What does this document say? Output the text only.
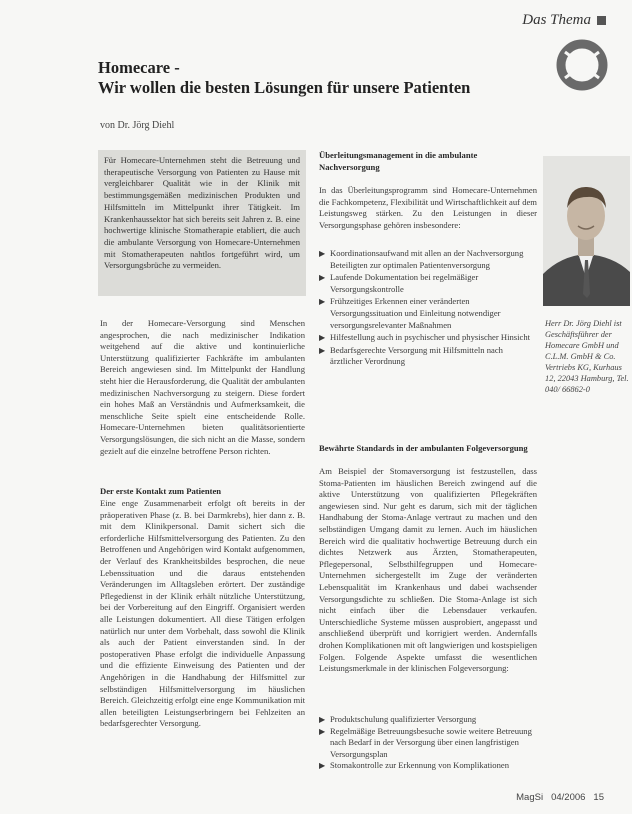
Das Thema
Homecare -
Wir wollen die besten Lösungen für unsere Patienten
von Dr. Jörg Diehl
Für Homecare-Unternehmen steht die Betreuung und therapeutische Versorgung von Patienten zu Hause mit vergleichbarer Qualität wie in der Klinik mit bestimmungsgemäßen medizinischen Produkten und Hilfsmitteln im Mittelpunkt ihrer Tätigkeit. Im Krankenhaussektor hat sich bereits seit Jahren z. B. eine hochwertige klinische Stomatherapie etabliert, die auch die ambulante Versorgung von Homecare-Unternehmen mit Stomatherapeuten nahtlos fortgeführt wird, um Versorgungsbrüche zu vermeiden.
In der Homecare-Versorgung sind Menschen angesprochen, die nach medizinischer Indikation weitgehend auf die aktive und kontinuierliche Unterstützung qualifizierter Fachkräfte im ambulanten Bereich angewiesen sind. Im Mittelpunkt der Handlung steht hier die Herausforderung, die Qualität der ambulanten medizinischen Nachversorgung zu steigern. Diese fordert ein hohes Maß an Verständnis und Aufmerksamkeit, die menschliche Seite spielt eine entscheidende Rolle. Homecare-Unternehmen bieten qualitätsorientierte Versorgungslösungen, die sich nicht an die Masse, sondern gezielt auf die einzelne betroffene Person richten.
Der erste Kontakt zum Patienten
Eine enge Zusammenarbeit erfolgt oft bereits in der präoperativen Phase (z. B. bei Darmkrebs), hier dann z. B. mit dem Klinikpersonal. Damit sichert sich die erforderliche Hilfsmittelversorgung des Patienten. Zu den Betroffenen und Angehörigen wird Kontakt aufgenommen, der Verlauf des Krankheitsbildes besprochen, die neue Lebenssituation und die daraus entstehenden Veränderungen im Alltagsleben erörtert. Der zuständige Pflegedienst in der Klinik erhält nützliche Unterstützung, bei der Vorbereitung auf den Eingriff. Organisiert werden alle Leistungen dokumentiert. All diese Tätigen erfolgen natürlich nur unter dem Vorbehalt, dass sowohl die Klinik als auch der Patient einverstanden sind. In der postoperativen Phase erfolgt die individuelle Anpassung und die effiziente Einweisung des Patienten und der Angehörigen in die Handhabung der Hilfsmittel zur selbständigen Hilfsmittelversorgung im häuslichen Bereich. Gleichzeitig erfolgt eine enge Kommunikation mit allen beteiligten Leistungserbringern bei Fehlzeiten an bedarfsgerechter Versorgung.
Überleitungsmanagement in die ambulante Nachversorgung
In das Überleitungsprogramm sind Homecare-Unternehmen die Fachkompetenz, Flexibilität und Wirtschaftlichkeit auf dem Leistungsweg stärken. Zu den Leistungen in dieser Versorgungsphase gehören insbesondere:
▶ Koordinationsaufwand mit allen an der Nachversorgung Beteiligten zur optimalen Patientenversorgung
▶ Laufende Dokumentation bei regelmäßiger Versorgungskontrolle
▶ Frühzeitiges Erkennen einer veränderten Versorgungssituation und Einleitung notwendiger versorgungsrelevanter Maßnahmen
▶ Hilfestellung auch in psychischer und physischer Hinsicht
▶ Bedarfsgerechte Versorgung mit Hilfsmitteln nach ärztlicher Verordnung
Bewährte Standards in der ambulanten Folgeversorgung
Am Beispiel der Stomaversorgung ist festzustellen, dass Stoma-Patienten im häuslichen Bereich zwingend auf die aktive Unterstützung von qualifizierten Pflegekräften angewiesen sind. Nur geht es darum, sich mit der täglichen Handhabung der Stoma-Anlage vertraut zu machen und den selbständigen Umgang damit zu lernen. Auch im häuslichen Bereich wird die qualitativ hochwertige Betreuung durch ein dichtes Netzwerk aus Ärzten, Stomatherapeuten, Pflegepersonal, Selbsthilfegruppen und Homecare-Unternehmen sichergestellt im Zuge der veränderten Lebensqualität im Krankenhaus und dabei wachsender Versorgungsdichte zu schließen. Die Stoma-Anlage ist sich nicht einfach über die Lebensdauer verkaufen. Unterschiedliche Systeme müssen ausprobiert, angepasst und anschließend überprüft und korrigiert werden. Andernfalls drohen Komplikationen mit oft langwierigen und kostspieligen Folgen. Folgende Aspekte umfasst die wesentlichen Leistungsmerkmale in der klinischen Folgeversorgung:
▶ Produktschulung qualifizierter Versorgung
▶ Regelmäßige Betreuungsbesuche sowie weitere Betreuung nach Bedarf in der Versorgung über einen langfristigen Versorgungsplan
▶ Stomakontrolle zur Erkennung von Komplikationen
Herr Dr. Jörg Diehl ist Geschäftsführer der Homecare GmbH und C.L.M. GmbH & Co. Vertriebs KG, Kurhaus 12, 22043 Hamburg, Tel. 040/ 66862-0
MagSi 04/2006 15
